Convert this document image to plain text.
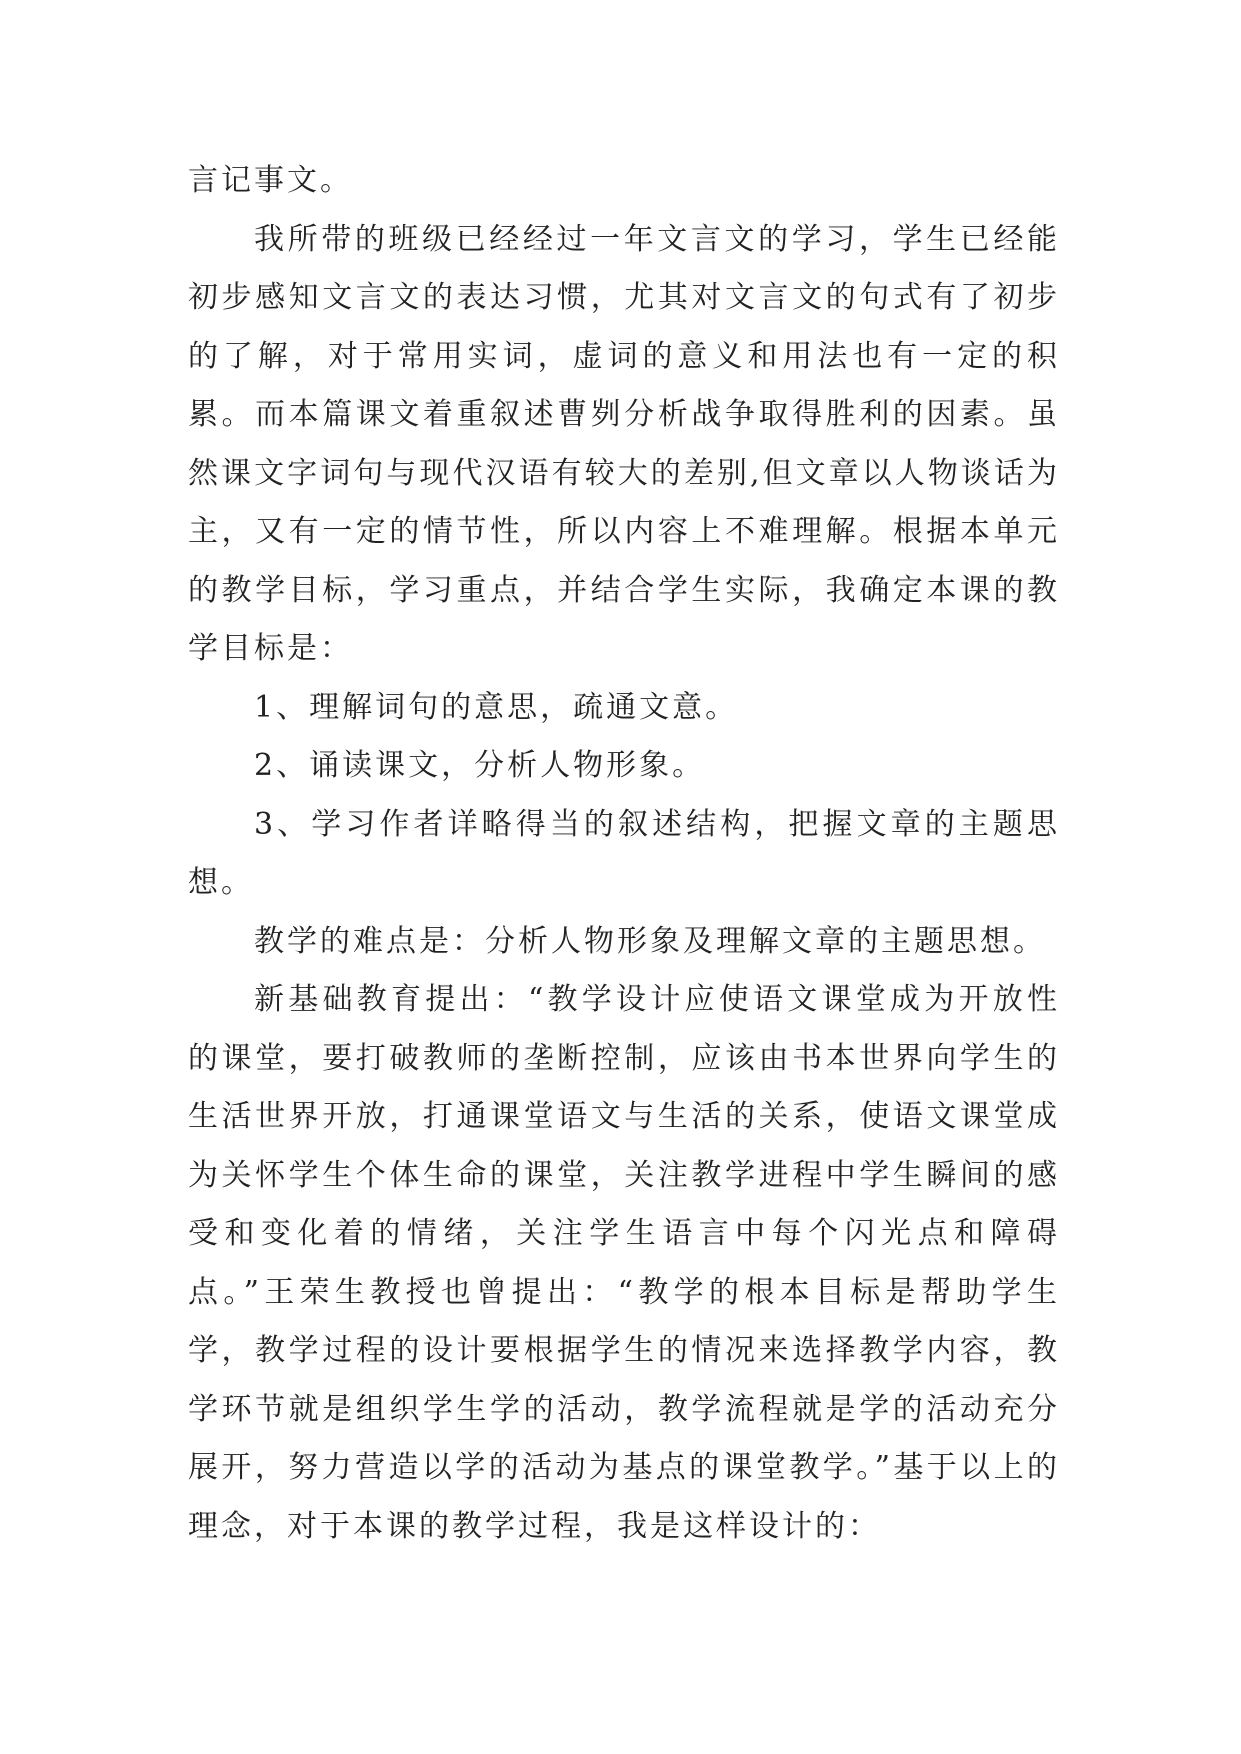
言记事文。

我所带的班级已经经过一年文言文的学习，学生已经能初步感知文言文的表达习惯，尤其对文言文的句式有了初步的了解，对于常用实词，虚词的意义和用法也有一定的积累。而本篇课文着重叙述曹刿分析战争取得胜利的因素。虽然课文字词句与现代汉语有较大的差别,但文章以人物谈话为主，又有一定的情节性，所以内容上不难理解。根据本单元的教学目标，学习重点，并结合学生实际，我确定本课的教学目标是：

1、理解词句的意思，疏通文意。

2、诵读课文，分析人物形象。

3、学习作者详略得当的叙述结构，把握文章的主题思想。

教学的难点是：分析人物形象及理解文章的主题思想。

新基础教育提出：“教学设计应使语文课堂成为开放性的课堂，要打破教师的垄断控制，应该由书本世界向学生的生活世界开放，打通课堂语文与生活的关系，使语文课堂成为关怀学生个体生命的课堂，关注教学进程中学生瞬间的感受和变化着的情绪，关注学生语言中每个闪光点和障碍点。”王荣生教授也曾提出：“教学的根本目标是帮助学生学，教学过程的设计要根据学生的情况来选择教学内容，教学环节就是组织学生学的活动，教学流程就是学的活动充分展开，努力营造以学的活动为基点的课堂教学。”基于以上的理念，对于本课的教学过程，我是这样设计的：
